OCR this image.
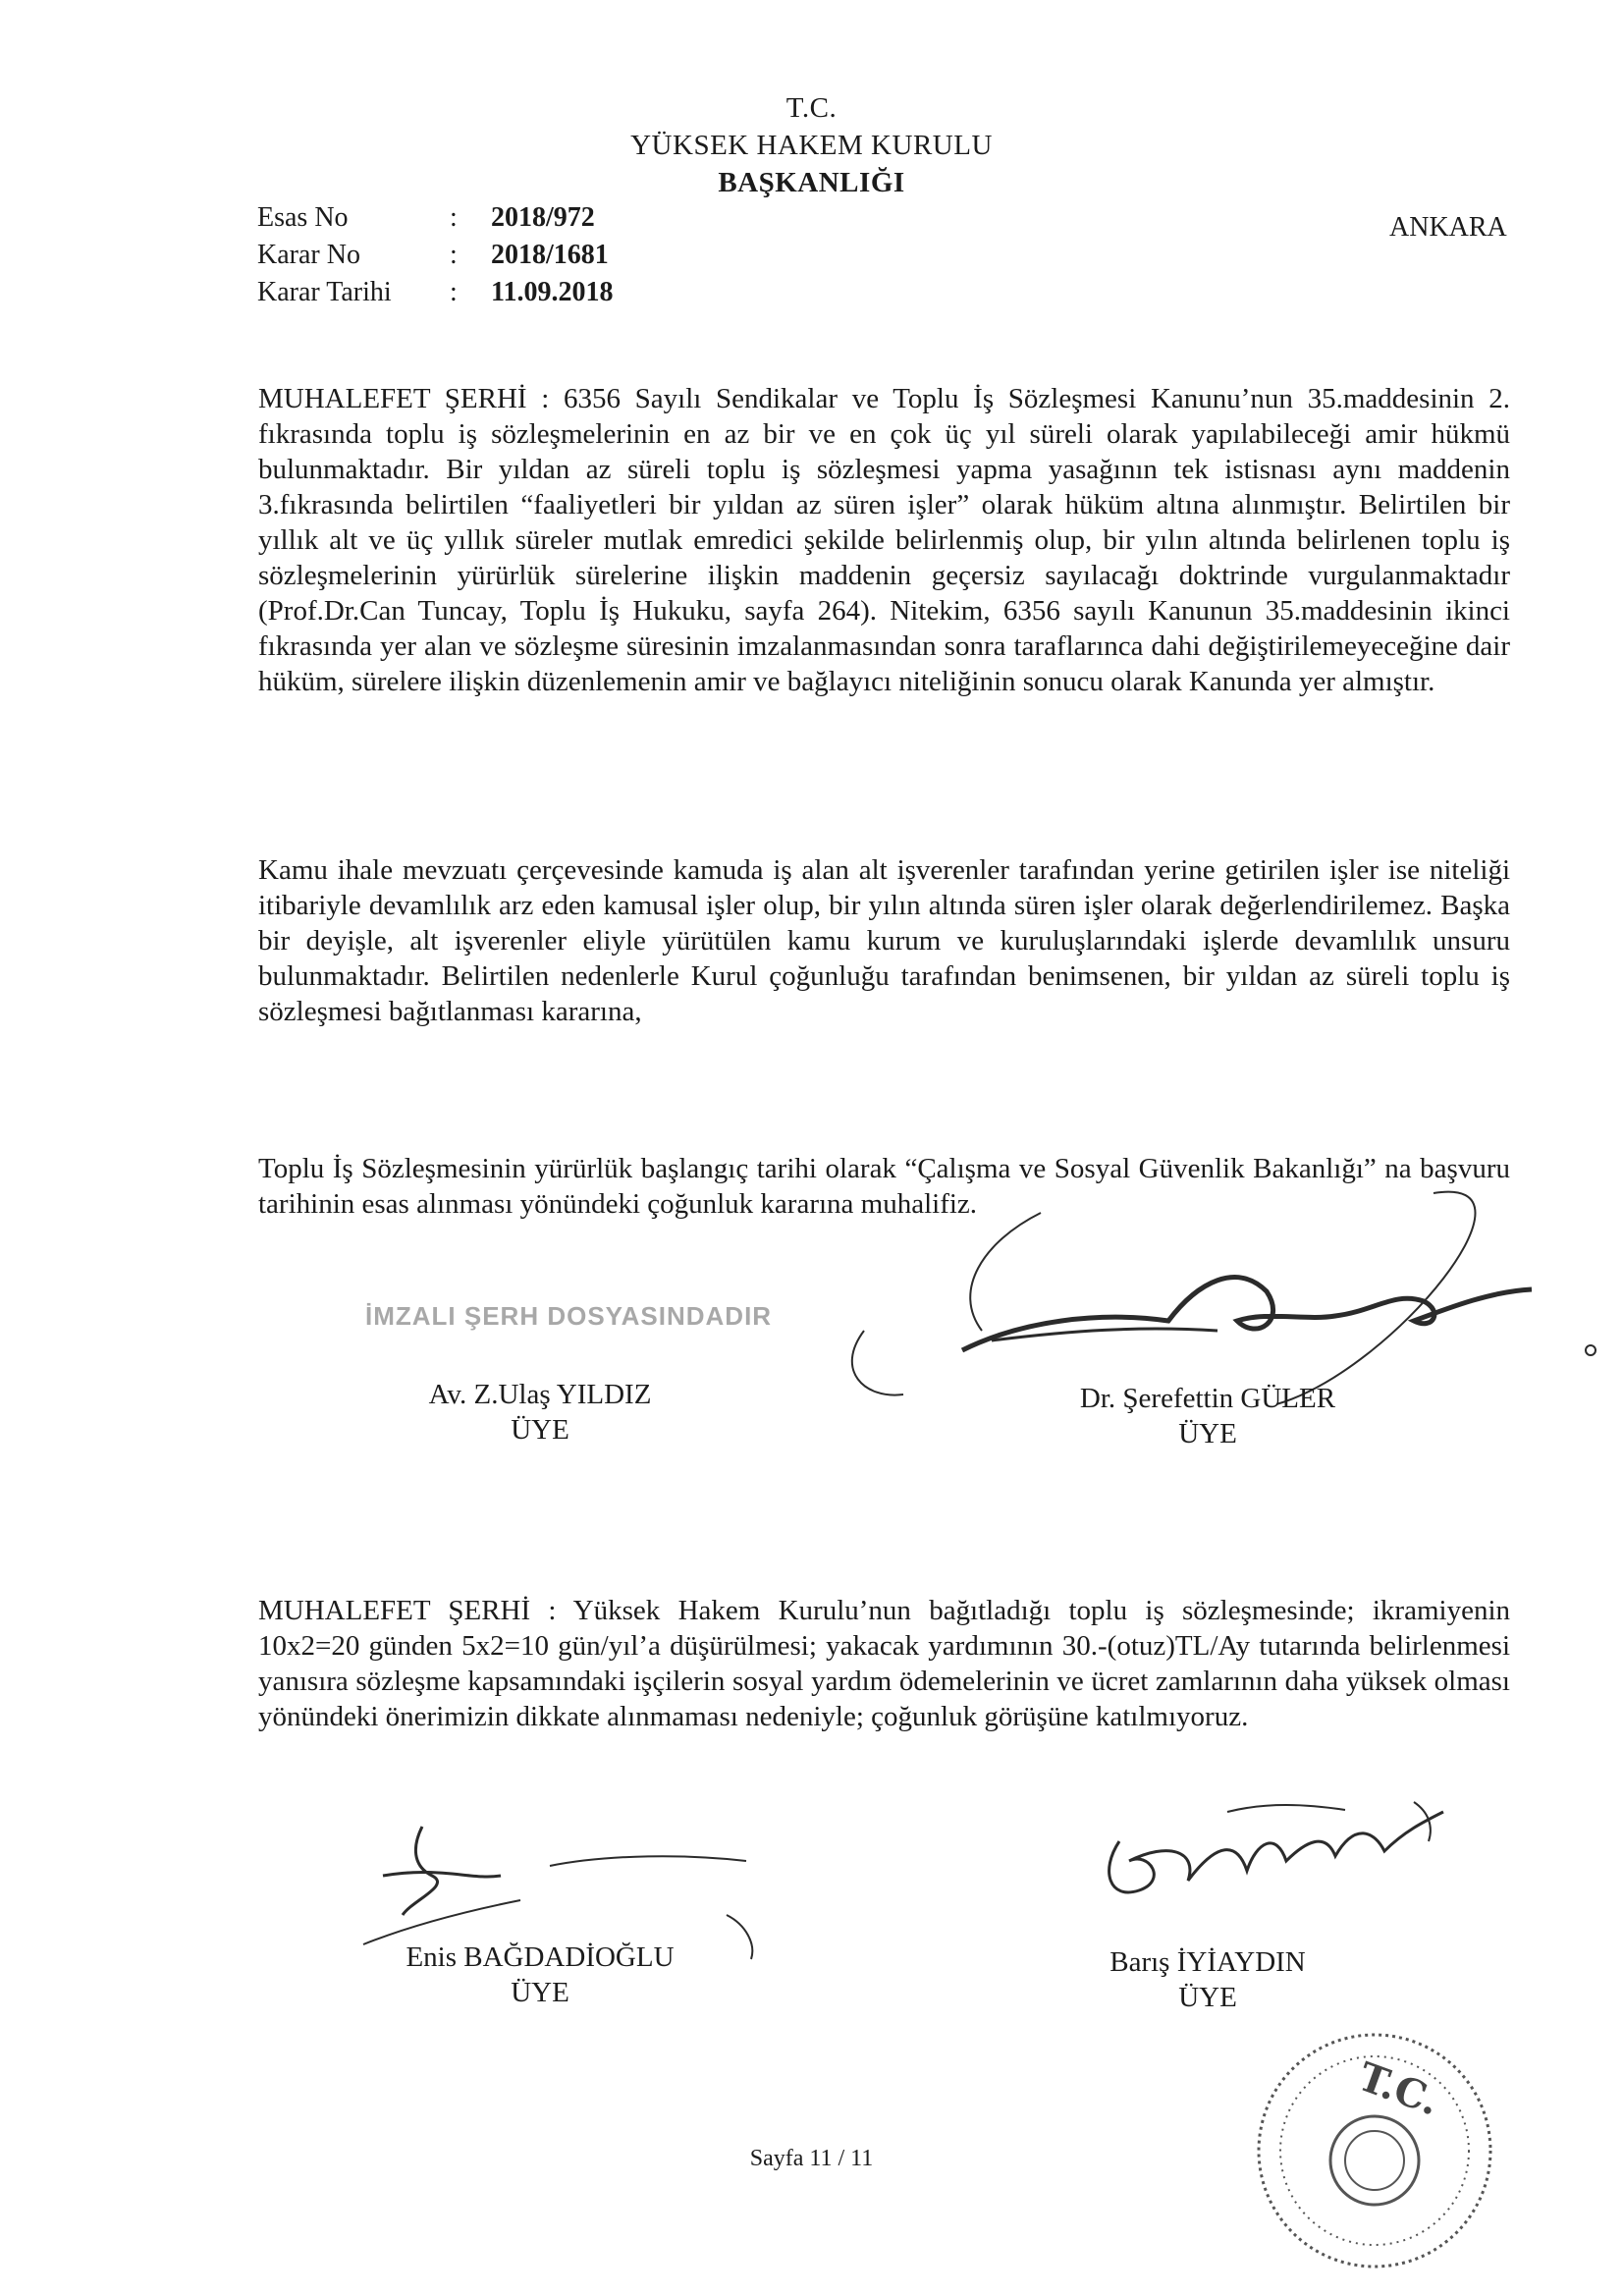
T.C.
YÜKSEK HAKEM KURULU
BAŞKANLIĞI
ANKARA
Esas No	: 2018/972
Karar No	: 2018/1681
Karar Tarihi : 11.09.2018
MUHALEFET ŞERHİ : 6356 Sayılı Sendikalar ve Toplu İş Sözleşmesi Kanunu’nun 35.maddesinin 2. fıkrasında toplu iş sözleşmelerinin en az bir ve en çok üç yıl süreli olarak yapılabileceği amir hükmü bulunmaktadır. Bir yıldan az süreli toplu iş sözleşmesi yapma yasağının tek istisnası aynı maddenin 3.fıkrasında belirtilen “faaliyetleri bir yıldan az süren işler” olarak hüküm altına alınmıştır. Belirtilen bir yıllık alt ve üç yıllık süreler mutlak emredici şekilde belirlenmiş olup, bir yılın altında belirlenen toplu iş sözleşmelerinin yürürlük sürelerine ilişkin maddenin geçersiz sayılacağı doktrinde vurgulanmaktadır (Prof.Dr.Can Tuncay, Toplu İş Hukuku, sayfa 264). Nitekim, 6356 sayılı Kanunun 35.maddesinin ikinci fıkrasında yer alan ve sözleşme süresinin imzalanmasından sonra taraflarınca dahi değiştirilemeyeceğine dair hüküm, sürelere ilişkin düzenlemenin amir ve bağlayıcı niteliğinin sonucu olarak Kanunda yer almıştır.
Kamu ihale mevzuatı çerçevesinde kamuda iş alan alt işverenler tarafından yerine getirilen işler ise niteliği itibariyle devamlılık arz eden kamusal işler olup, bir yılın altında süren işler olarak değerlendirilemez. Başka bir deyişle, alt işverenler eliyle yürütülen kamu kurum ve kuruluşlarındaki işlerde devamlılık unsuru bulunmaktadır. Belirtilen nedenlerle Kurul çoğunluğu tarafından benimsenen, bir yıldan az süreli toplu iş sözleşmesi bağıtlanması kararına,
Toplu İş Sözleşmesinin yürürlük başlangıç tarihi olarak “Çalışma ve Sosyal Güvenlik Bakanlığı” na başvuru tarihinin esas alınması yönündeki çoğunluk kararına muhalifiz.
İMZALI ŞERH DOSYASINDADIR
Av. Z.Ulaş YILDIZ
ÜYE
Dr. Şerefettin GÜLER
ÜYE
MUHALEFET ŞERHİ : Yüksek Hakem Kurulu’nun bağıtladığı toplu iş sözleşmesinde; ikramiyenin 10x2=20 günden 5x2=10 gün/yıl’a düşürülmesi; yakacak yardımının 30.-(otuz)TL/Ay tutarında belirlenmesi yanısıra sözleşme kapsamındaki işçilerin sosyal yardım ödemelerinin ve ücret zamlarının daha yüksek olması yönündeki önerimizin dikkate alınmaması nedeniyle; çoğunluk görüşüne katılmıyoruz.
Enis BAĞDADİOĞLU
ÜYE
Barış İYİAYDIN
ÜYE
T.C.
Sayfa 11 / 11
